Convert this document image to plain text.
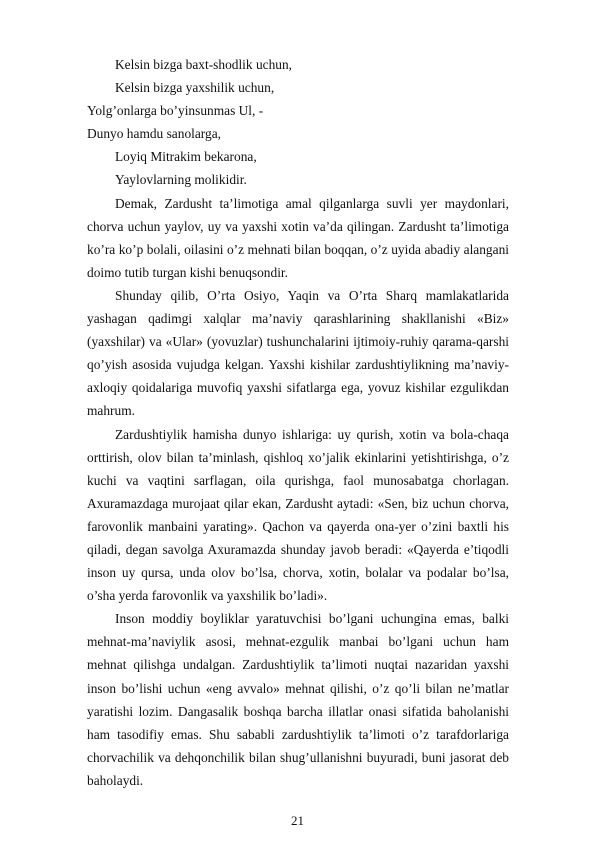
Kelsin bizga baxt-shodlik uchun,

Kelsin bizga yaxshilik uchun,

Yolg’onlarga bo’yinsunmas Ul, -

Dunyo hamdu sanolarga,

Loyiq Mitrakim bekarona,

Yaylovlarning molikidir.

Demak, Zardusht ta’limotiga amal qilganlarga suvli yer maydonlari, chorva uchun yaylov, uy va yaxshi xotin va’da qilingan. Zardusht ta’limotiga ko’ra ko’p bolali, oilasini o’z mehnati bilan boqqan, o’z uyida abadiy alangani doimo tutib turgan kishi benuqsondir.

Shunday qilib, O’rta Osiyo, Yaqin va O’rta Sharq mamlakatlarida yashagan qadimgi xalqlar ma’naviy qarashlarining shakllanishi «Biz» (yaxshilar) va «Ular» (yovuzlar) tushunchalarini ijtimoiy-ruhiy qarama-qarshi qo’yish asosida vujudga kelgan. Yaxshi kishilar zardushtiylikning ma’naviy-axloqiy qoidalariga muvofiq yaxshi sifatlarga ega, yovuz kishilar ezgulikdan mahrum.

Zardushtiylik hamisha dunyo ishlariga: uy qurish, xotin va bola-chaqa orttirish, olov bilan ta’minlash, qishloq xo’jalik ekinlarini yetishtirishga, o’z kuchi va vaqtini sarflagan, oila qurishga, faol munosabatga chorlagan. Axuramazdaga murojaat qilar ekan, Zardusht aytadi: «Sen, biz uchun chorva, farovonlik manbaini yarating». Qachon va qayerda ona-yer o’zini baxtli his qiladi, degan savolga Axuramazda shunday javob beradi: «Qayerda e’tiqodli inson uy qursa, unda olov bo’lsa, chorva, xotin, bolalar va podalar bo’lsa, o’sha yerda farovonlik va yaxshilik bo’ladi».

Inson moddiy boyliklar yaratuvchisi bo’lgani uchungina emas, balki mehnat-ma’naviylik asosi, mehnat-ezgulik manbai bo’lgani uchun ham mehnat qilishga undalgan. Zardushtiylik ta’limoti nuqtai nazaridan yaxshi inson bo’lishi uchun «eng avvalo» mehnat qilishi, o’z qo’li bilan ne’matlar yaratishi lozim. Dangasalik boshqa barcha illatlar onasi sifatida baholanishi ham tasodifiy emas. Shu sababli zardushtiylik ta’limoti o’z tarafdorlariga chorvachilik va dehqonchilik bilan shug’ullanishni buyuradi, buni jasorat deb baholaydi.

21
